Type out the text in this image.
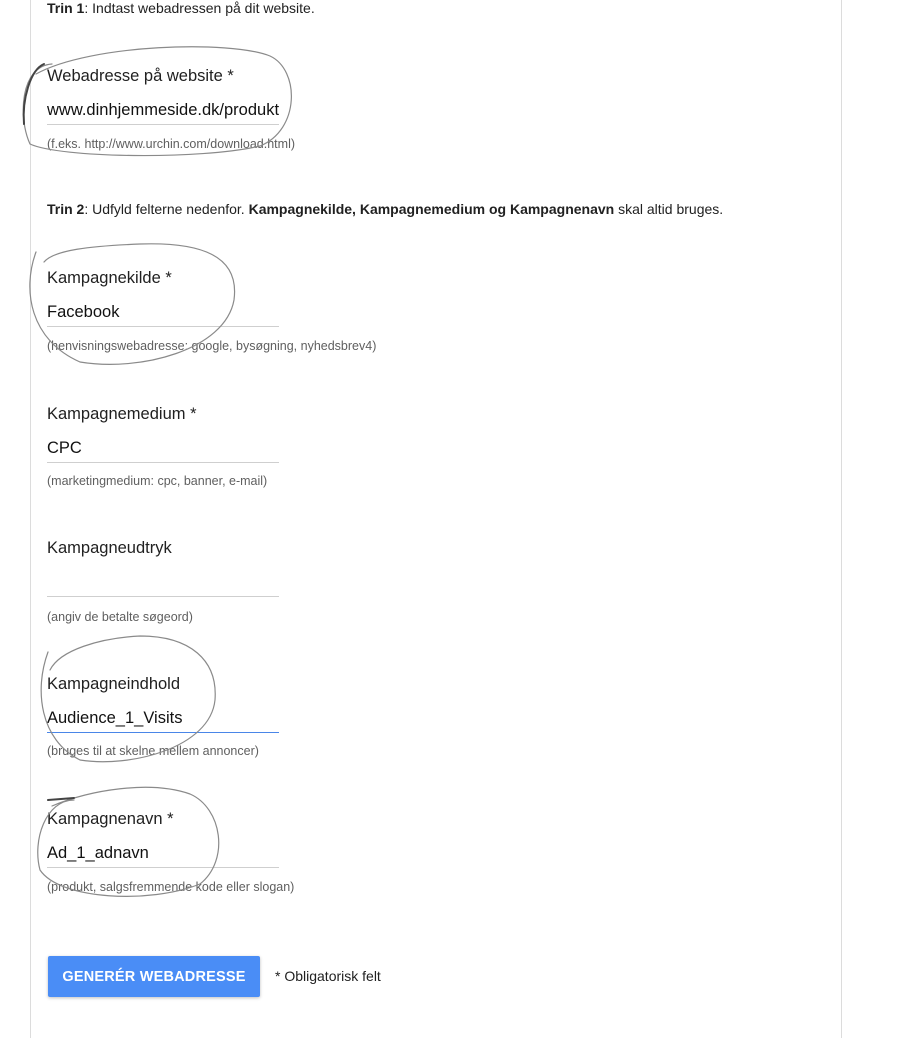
Trin 1: Indtast webadressen på dit website.
Webadresse på website *
www.dinhjemmeside.dk/produkt
(f.eks. http://www.urchin.com/download.html)
Trin 2: Udfyld felterne nedenfor. Kampagnekilde, Kampagnemedium og Kampagnenavn skal altid bruges.
Kampagnekilde *
Facebook
(henvisningswebadresse: google, bysøgning, nyhedsbrev4)
Kampagnemedium *
CPC
(marketingmedium: cpc, banner, e-mail)
Kampagneudtryk
(angiv de betalte søgeord)
Kampagneindhold
Audience_1_Visits
(bruges til at skelne mellem annoncer)
Kampagnenavn *
Ad_1_adnavn
(produkt, salgsfremmende kode eller slogan)
GENERÉR WEBADRESSE	* Obligatorisk felt
